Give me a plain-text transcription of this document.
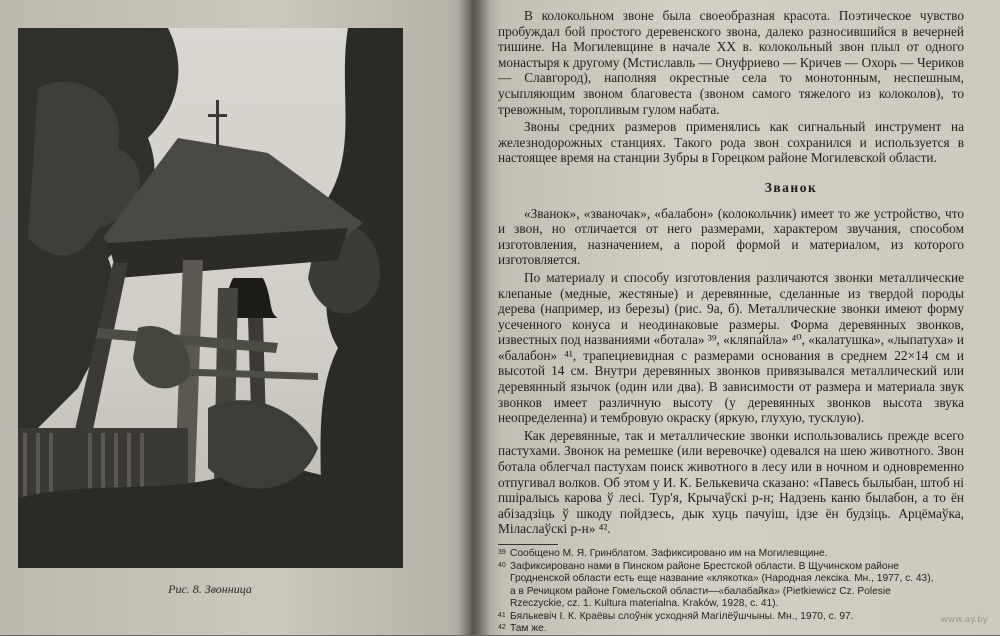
Рис. 8. Звонница

В колокольном звоне была своеобразная красота. Поэтическое чувство пробуждал бой простого деревенского звона, далеко разносившийся в вечерней тишине. На Могилевщине в начале XX в. колокольный звон плыл от одного монастыря к другому (Мстиславль — Онуфриево — Кричев — Охорь — Чериков — Славгород), наполняя окрестные села то монотонным, неспешным, усыпляющим звоном благовеста (звоном самого тяжелого из колоколов), то тревожным, торопливым гулом набата.

Звоны средних размеров применялись как сигнальный инструмент на железнодорожных станциях. Такого рода звон сохранился и используется в настоящее время на станции Зубры в Горецком районе Могилевской области.

Званок

«Званок», «званочак», «балабон» (колокольчик) имеет то же устройство, что и звон, но отличается от него размерами, характером звучания, способом изготовления, назначением, а порой формой и материалом, из которого изготовляется.

По материалу и способу изготовления различаются звонки металлические клепаные (медные, жестяные) и деревянные, сделанные из твердой породы дерева (например, из березы) (рис. 9а, б). Металлические звонки имеют форму усеченного конуса и неодинаковые размеры. Форма деревянных звонков, известных под названиями «ботала» ³⁹, «кляпа́йла» ⁴⁰, «калатушка», «лыпатуха» и «балабон» ⁴¹, трапециевидная с размерами основания в среднем 22×14 см и высотой 14 см. Внутри деревянных звонков привязывался металлический или деревянный язычок (один или два). В зависимости от размера и материала звук звонков имеет различную высоту (у деревянных звонков высота звука неопределенна) и тембровую окраску (яркую, глухую, тусклую).

Как деревянные, так и металлические звонки использовались прежде всего пастухами. Звонок на ремешке (или веревочке) одевался на шею животного. Звон ботала облегчал пастухам поиск животного в лесу или в ночном и одновременно отпугивал волков. Об этом у И. К. Белькевича сказано: «Павесь былыбан, штоб ні пшіралысь карова ў лесі. Тур'я, Крычаўскі р-н; Надзень каню былабон, а то ён абізадзіць ў шкоду пойдзесь, дык хуць пачуіш, ідзе ён будзіць. Арцёмаўка, Міласлаўскі р-н» ⁴².

39 Сообщено М. Я. Гринблатом. Зафиксировано им на Могилевщине.
40 Зафиксировано нами в Пинском районе Брестской области. В Щучинском районе Гродненской области есть еще название «клякотка» (Народная лексіка. Мн., 1977, с. 43), а в Речицком районе Гомельской области—«балабайка» (Pietkiewicz Cz. Polesie Rzeczyckie, cz. 1. Kultura materialna. Kraków, 1928, с. 41).
41 Бялькевіч І. К. Краёвы слоўнік усходняй Магілёўшчыны. Мн., 1970, с. 97.
42 Там же.
www.ay.by
